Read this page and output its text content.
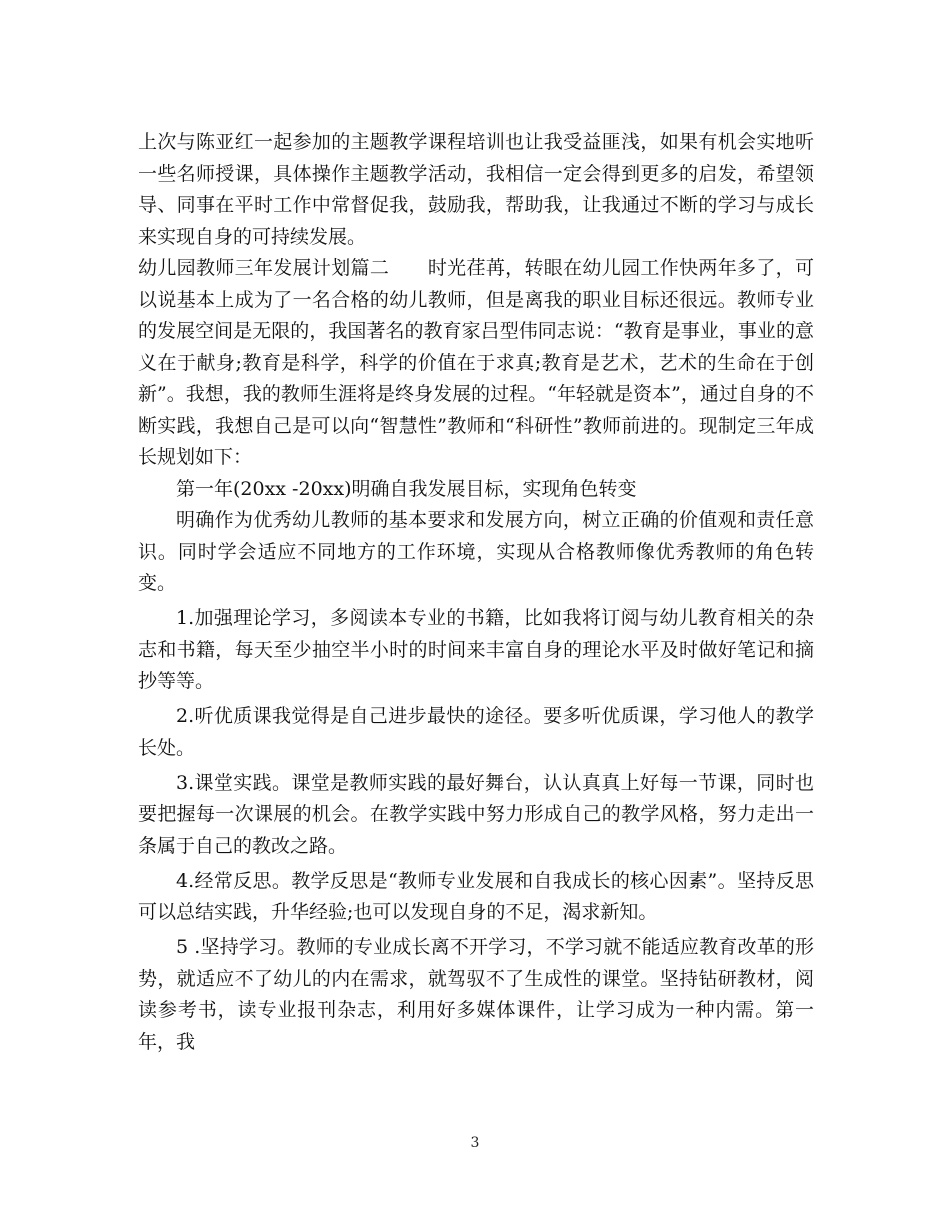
上次与陈亚红一起参加的主题教学课程培训也让我受益匪浅，如果有机会实地听一些名师授课，具体操作主题教学活动，我相信一定会得到更多的启发，希望领导、同事在平时工作中常督促我，鼓励我，帮助我，让我通过不断的学习与成长来实现自身的可持续发展。

幼儿园教师三年发展计划篇二　　时光荏苒，转眼在幼儿园工作快两年多了，可以说基本上成为了一名合格的幼儿教师，但是离我的职业目标还很远。教师专业的发展空间是无限的，我国著名的教育家吕型伟同志说：“教育是事业，事业的意义在于献身;教育是科学，科学的价值在于求真;教育是艺术，艺术的生命在于创新”。我想，我的教师生涯将是终身发展的过程。“年轻就是资本”，通过自身的不断实践，我想自己是可以向“智慧性”教师和“科研性”教师前进的。现制定三年成长规划如下：

第一年(20xx -20xx)明确自我发展目标，实现角色转变

明确作为优秀幼儿教师的基本要求和发展方向，树立正确的价值观和责任意识。同时学会适应不同地方的工作环境，实现从合格教师像优秀教师的角色转变。

1.加强理论学习，多阅读本专业的书籍，比如我将订阅与幼儿教育相关的杂志和书籍，每天至少抽空半小时的时间来丰富自身的理论水平及时做好笔记和摘抄等等。

2.听优质课我觉得是自己进步最快的途径。要多听优质课，学习他人的教学长处。

3.课堂实践。课堂是教师实践的最好舞台，认认真真上好每一节课，同时也要把握每一次课展的机会。在教学实践中努力形成自己的教学风格，努力走出一条属于自己的教改之路。

4.经常反思。教学反思是“教师专业发展和自我成长的核心因素”。坚持反思可以总结实践，升华经验;也可以发现自身的不足，渴求新知。

5 .坚持学习。教师的专业成长离不开学习，不学习就不能适应教育改革的形势，就适应不了幼儿的内在需求，就驾驭不了生成性的课堂。坚持钻研教材，阅读参考书，读专业报刊杂志，利用好多媒体课件，让学习成为一种内需。第一年，我

3
